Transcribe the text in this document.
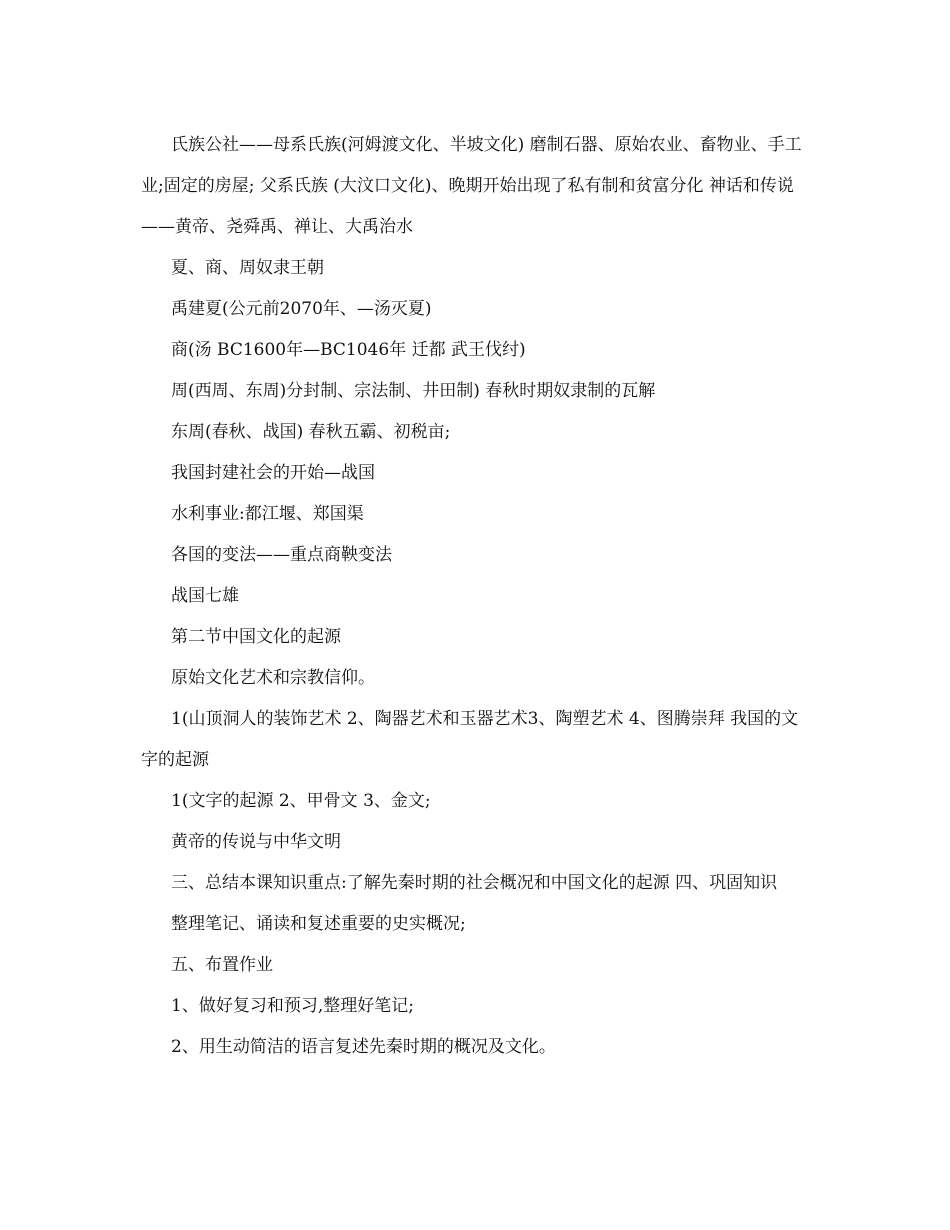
氏族公社——母系氏族(河姆渡文化、半坡文化) 磨制石器、原始农业、畜物业、手工业;固定的房屋; 父系氏族 (大汶口文化)、晚期开始出现了私有制和贫富分化 神话和传说——黄帝、尧舜禹、禅让、大禹治水

夏、商、周奴隶王朝

禹建夏(公元前2070年、—汤灭夏)

商(汤 BC1600年—BC1046年 迁都 武王伐纣)

周(西周、东周)分封制、宗法制、井田制) 春秋时期奴隶制的瓦解

东周(春秋、战国) 春秋五霸、初税亩;

我国封建社会的开始—战国

水利事业:都江堰、郑国渠

各国的变法——重点商鞅变法

战国七雄

第二节中国文化的起源

原始文化艺术和宗教信仰。

1(山顶洞人的装饰艺术 2、陶器艺术和玉器艺术3、陶塑艺术 4、图腾崇拜 我国的文字的起源

1(文字的起源 2、甲骨文 3、金文;

黄帝的传说与中华文明

三、总结本课知识重点:了解先秦时期的社会概况和中国文化的起源 四、巩固知识

整理笔记、诵读和复述重要的史实概况;

五、布置作业

1、做好复习和预习,整理好笔记;

2、用生动简洁的语言复述先秦时期的概况及文化。
